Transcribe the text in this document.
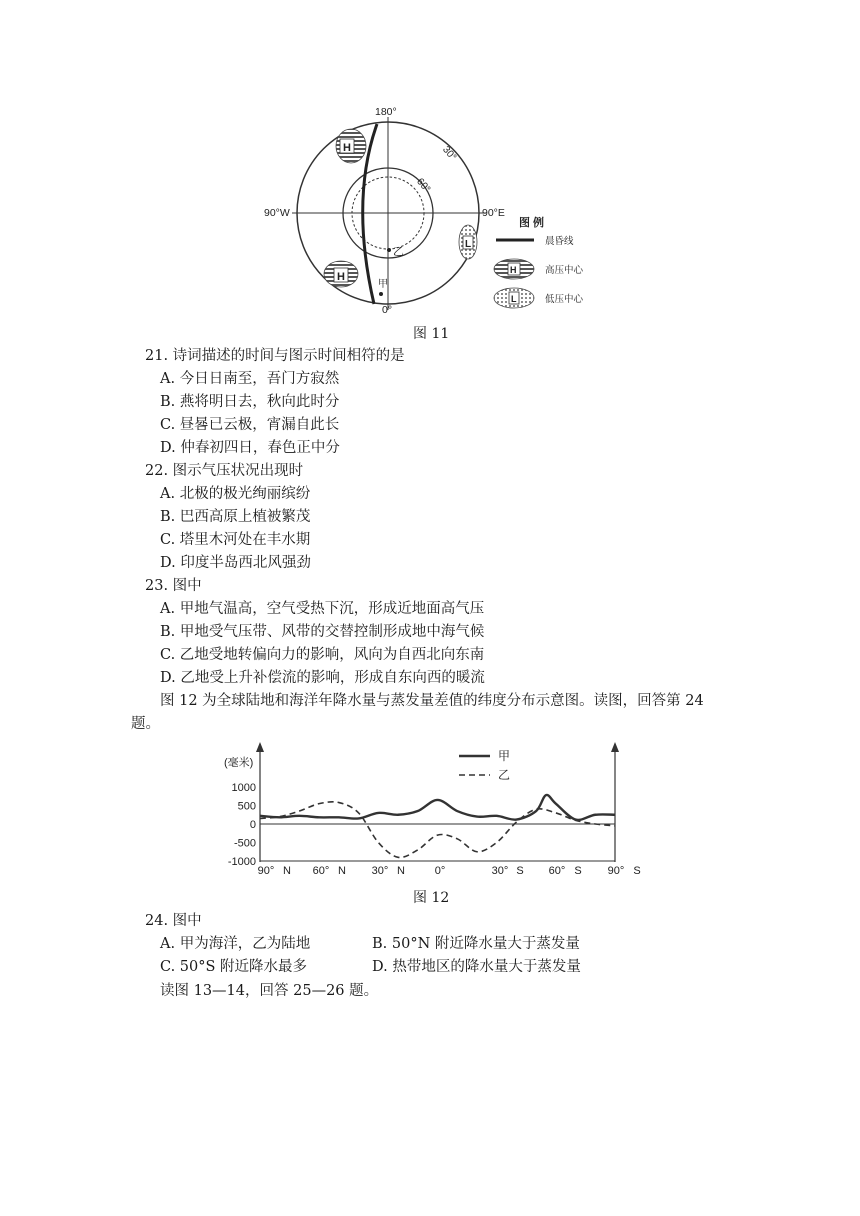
H
H
L
乙
甲
180°
0°
90°W	90°E
30°
60°
图 例
晨昏线
H	高压中心
L	低压中心
图 11
21. 诗词描述的时间与图示时间相符的是
A. 今日日南至，吾门方寂然
B. 燕将明日去，秋向此时分
C. 昼晷已云极，宵漏自此长
D. 仲春初四日，春色正中分
22. 图示气压状况出现时
A. 北极的极光绚丽缤纷
B. 巴西高原上植被繁茂
C. 塔里木河处在丰水期
D. 印度半岛西北风强劲
23. 图中
A. 甲地气温高，空气受热下沉，形成近地面高气压
B. 甲地受气压带、风带的交替控制形成地中海气候
C. 乙地受地转偏向力的影响，风向为自西北向东南
D. 乙地受上升补偿流的影响，形成自东向西的暖流
图 12 为全球陆地和海洋年降水量与蒸发量差值的纬度分布示意图。读图，回答第 24
题。
(毫米)
1000
500
0
-500
-1000
90° N 60° N 30° N	0°	30° S 60° S 90° S
甲
乙
图 12
24. 图中
A. 甲为海洋，乙为陆地	B. 50°N 附近降水量大于蒸发量
C. 50°S 附近降水最多	D. 热带地区的降水量大于蒸发量
读图 13—14，回答 25—26 题。
